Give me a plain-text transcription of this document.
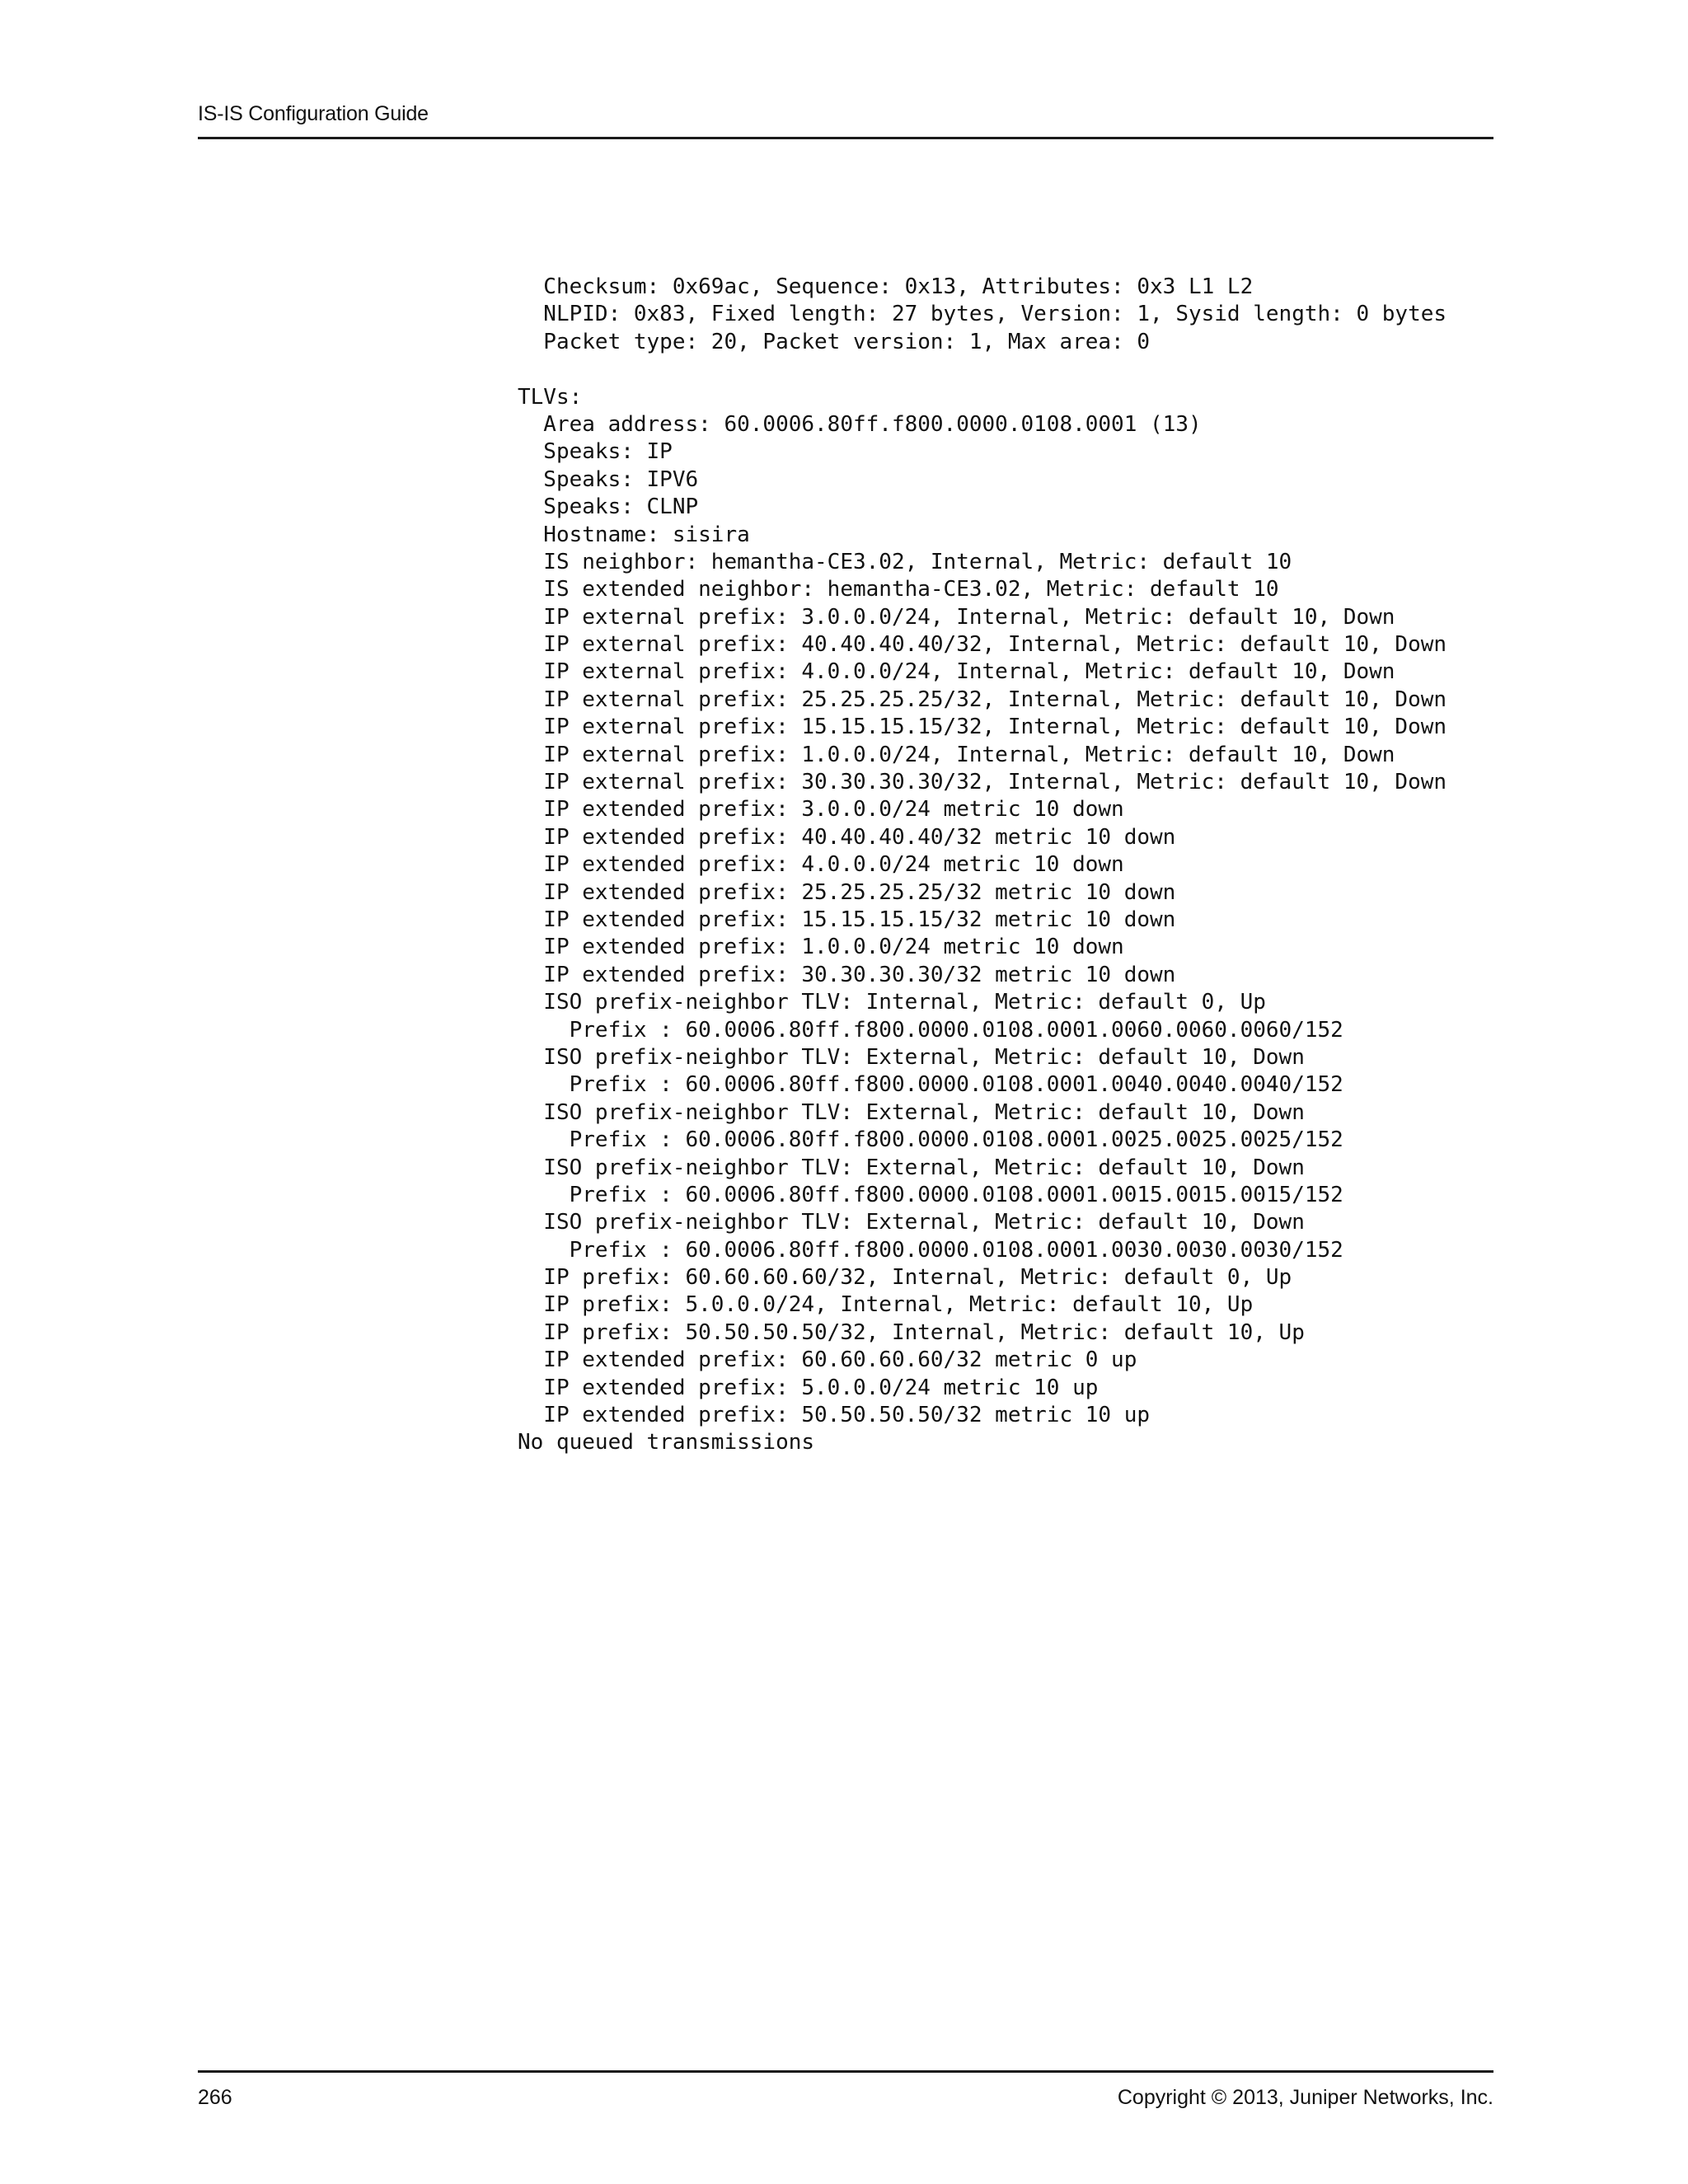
IS-IS Configuration Guide
Checksum: 0x69ac, Sequence: 0x13, Attributes: 0x3 L1 L2
NLPID: 0x83, Fixed length: 27 bytes, Version: 1, Sysid length: 0 bytes
Packet type: 20, Packet version: 1, Max area: 0
TLVs:
Area address: 60.0006.80ff.f800.0000.0108.0001 (13)
Speaks: IP
Speaks: IPV6
Speaks: CLNP
Hostname: sisira
IS neighbor: hemantha-CE3.02, Internal, Metric: default 10
IS extended neighbor: hemantha-CE3.02, Metric: default 10
IP external prefix: 3.0.0.0/24, Internal, Metric: default 10, Down
IP external prefix: 40.40.40.40/32, Internal, Metric: default 10, Down
IP external prefix: 4.0.0.0/24, Internal, Metric: default 10, Down
IP external prefix: 25.25.25.25/32, Internal, Metric: default 10, Down
IP external prefix: 15.15.15.15/32, Internal, Metric: default 10, Down
IP external prefix: 1.0.0.0/24, Internal, Metric: default 10, Down
IP external prefix: 30.30.30.30/32, Internal, Metric: default 10, Down
IP extended prefix: 3.0.0.0/24 metric 10 down
IP extended prefix: 40.40.40.40/32 metric 10 down
IP extended prefix: 4.0.0.0/24 metric 10 down
IP extended prefix: 25.25.25.25/32 metric 10 down
IP extended prefix: 15.15.15.15/32 metric 10 down
IP extended prefix: 1.0.0.0/24 metric 10 down
IP extended prefix: 30.30.30.30/32 metric 10 down
ISO prefix-neighbor TLV: Internal, Metric: default 0, Up
Prefix : 60.0006.80ff.f800.0000.0108.0001.0060.0060.0060/152
ISO prefix-neighbor TLV: External, Metric: default 10, Down
Prefix : 60.0006.80ff.f800.0000.0108.0001.0040.0040.0040/152
ISO prefix-neighbor TLV: External, Metric: default 10, Down
Prefix : 60.0006.80ff.f800.0000.0108.0001.0025.0025.0025/152
ISO prefix-neighbor TLV: External, Metric: default 10, Down
Prefix : 60.0006.80ff.f800.0000.0108.0001.0015.0015.0015/152
ISO prefix-neighbor TLV: External, Metric: default 10, Down
Prefix : 60.0006.80ff.f800.0000.0108.0001.0030.0030.0030/152
IP prefix: 60.60.60.60/32, Internal, Metric: default 0, Up
IP prefix: 5.0.0.0/24, Internal, Metric: default 10, Up
IP prefix: 50.50.50.50/32, Internal, Metric: default 10, Up
IP extended prefix: 60.60.60.60/32 metric 0 up
IP extended prefix: 5.0.0.0/24 metric 10 up
IP extended prefix: 50.50.50.50/32 metric 10 up
No queued transmissions
266	Copyright © 2013, Juniper Networks, Inc.
